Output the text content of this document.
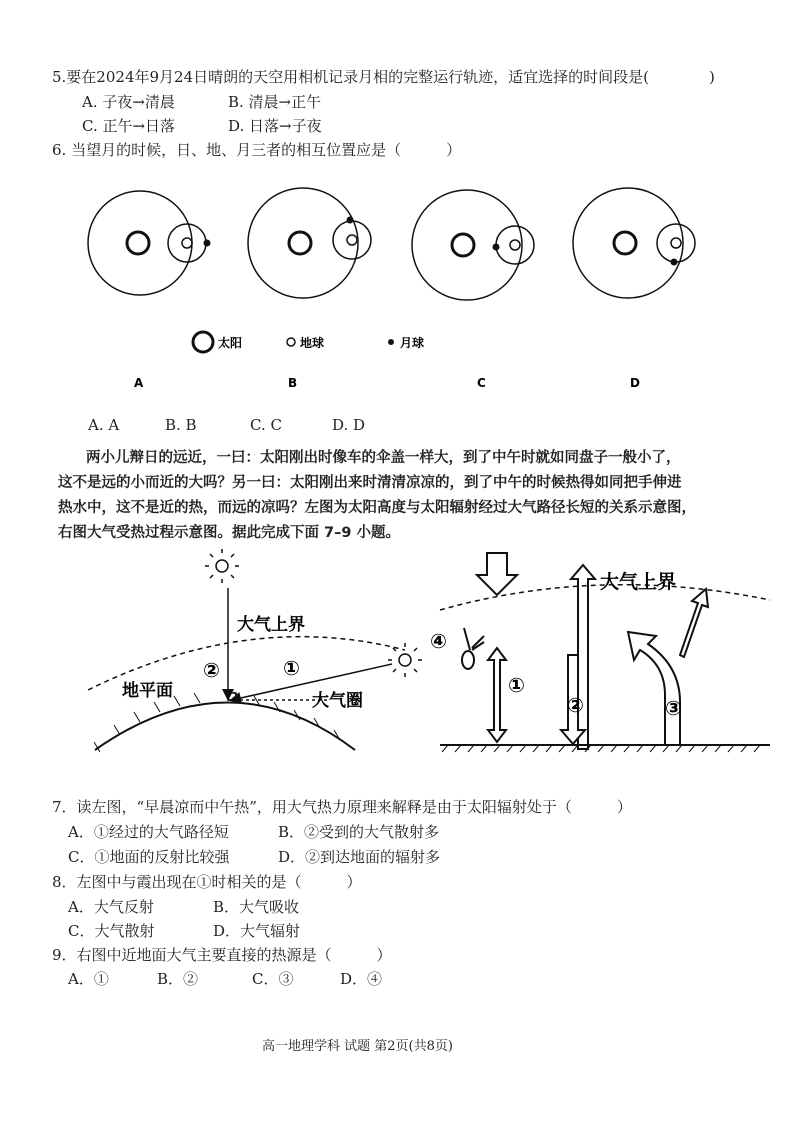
5.要在2024年9月24日晴朗的天空用相机记录月相的完整运行轨迹，适宜选择的时间段是(　　　　)
A. 子夜→清晨	B. 清晨→正午
C. 正午→日落	D. 日落→子夜
6. 当望月的时候，日、地、月三者的相互位置应是（　　　）
太阳	地球	月球
A	B	C	D
A. A	B. B	C. C	D. D
两小儿辩日的远近，一曰：太阳刚出时像车的伞盖一样大，到了中午时就如同盘子一般小了，
这不是远的小而近的大吗？另一曰：太阳刚出来时清清凉凉的，到了中午的时候热得如同把手伸进
热水中，这不是近的热，而远的凉吗？左图为太阳高度与太阳辐射经过大气路径长短的关系示意图，
右图大气受热过程示意图。据此完成下面 7–9 小题。
大气上界
地平面	大气圈
②	①
大气上界
④
①
②	③
7．读左图，“早晨凉而中午热”，用大气热力原理来解释是由于太阳辐射处于（　　　）
A．①经过的大气路径短	B．②受到的大气散射多
C．①地面的反射比较强	D．②到达地面的辐射多
8．左图中与霞出现在①时相关的是（　　　）
A．大气反射	B．大气吸收
C．大气散射	D．大气辐射
9．右图中近地面大气主要直接的热源是（　　　）
A．①	B．②	C．③	D．④
高一地理学科 试题 第2页(共8页)
